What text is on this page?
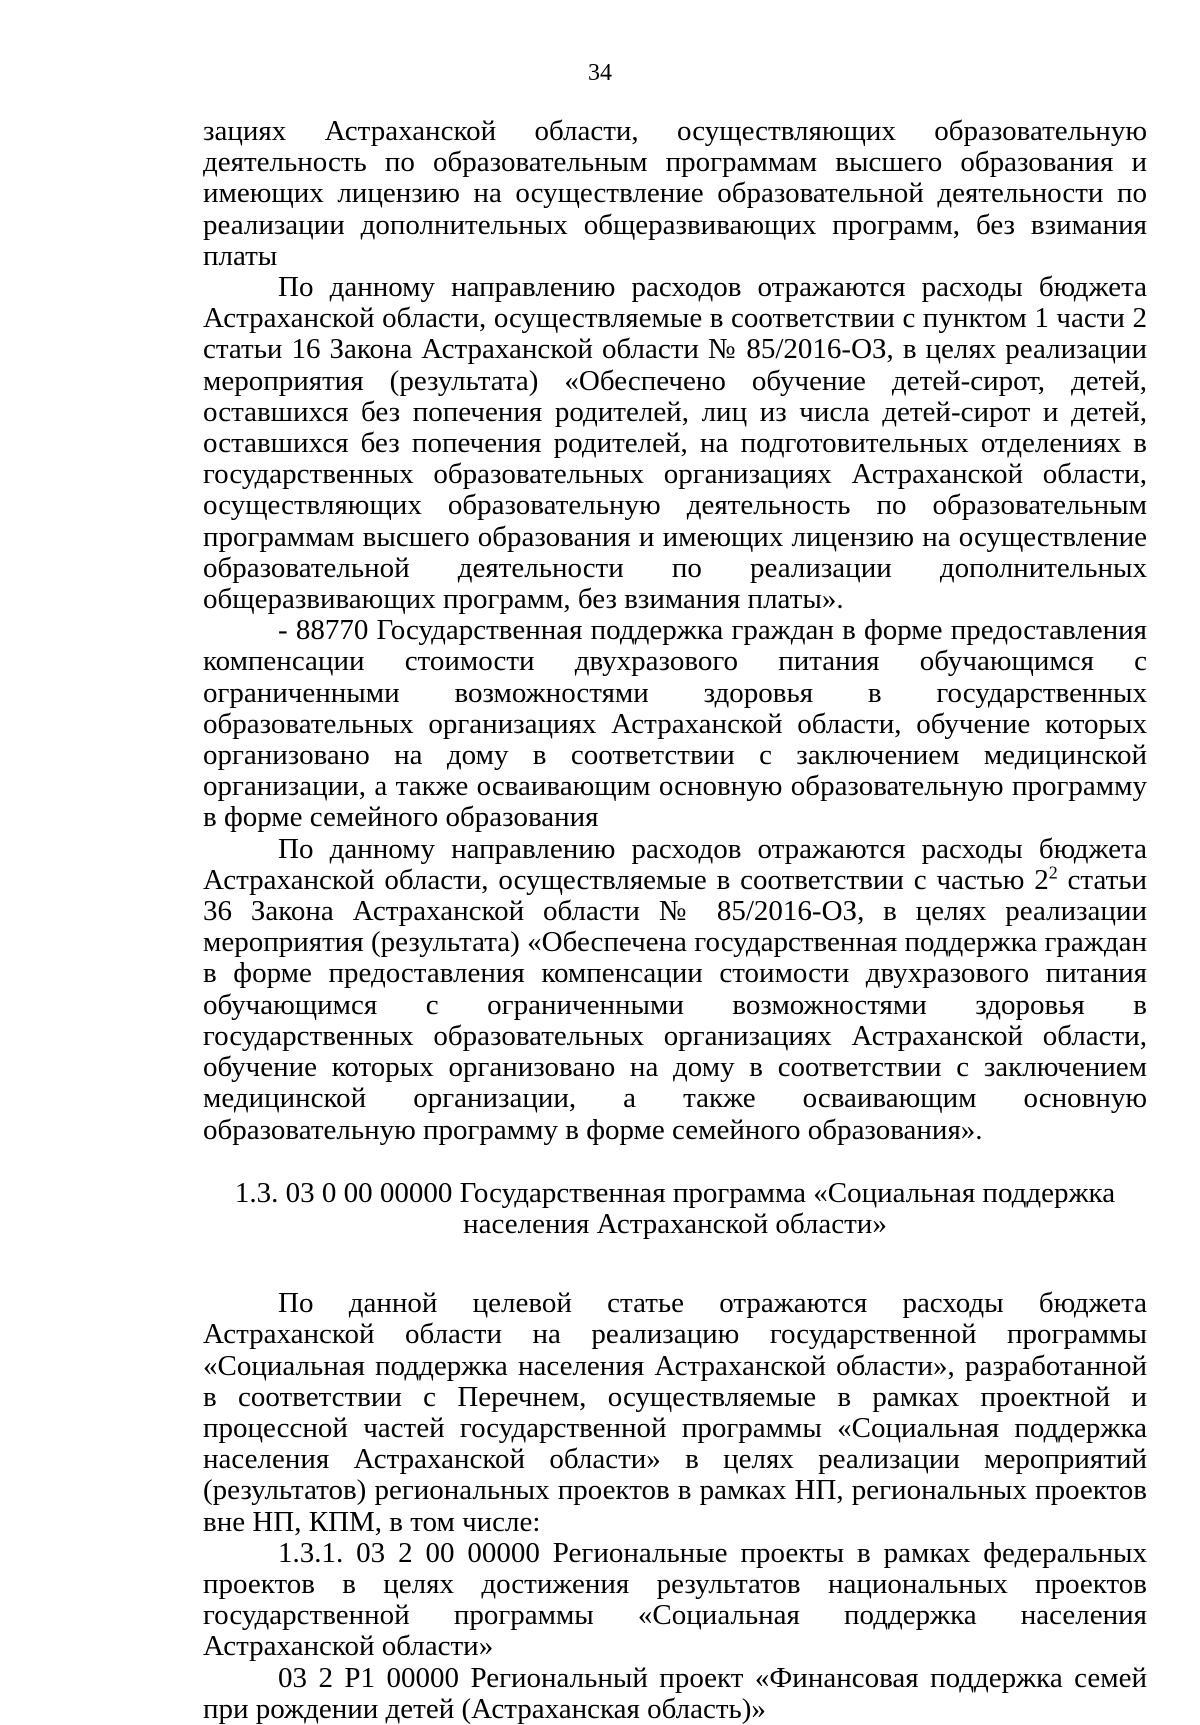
34

зациях Астраханской области, осуществляющих образовательную деятельность по образовательным программам высшего образования и имеющих лицензию на осуществление образовательной деятельности по реализации дополнительных общеразвивающих программ, без взимания платы

По данному направлению расходов отражаются расходы бюджета Астраханской области, осуществляемые в соответствии с пунктом 1 части 2 статьи 16 Закона Астраханской области № 85/2016-ОЗ, в целях реализации мероприятия (результата) «Обеспечено обучение детей-сирот, детей, оставшихся без попечения родителей, лиц из числа детей-сирот и детей, оставшихся без попечения родителей, на подготовительных отделениях в государственных образовательных организациях Астраханской области, осуществляющих образовательную деятельность по образовательным программам высшего образования и имеющих лицензию на осуществление образовательной деятельности по реализации дополнительных общеразвивающих программ, без взимания платы».

- 88770 Государственная поддержка граждан в форме предоставления компенсации стоимости двухразового питания обучающимся с ограниченными возможностями здоровья в государственных образовательных организациях Астраханской области, обучение которых организовано на дому в соответствии с заключением медицинской организации, а также осваивающим основную образовательную программу в форме семейного образования

По данному направлению расходов отражаются расходы бюджета Астраханской области, осуществляемые в соответствии с частью $2^2$ статьи 36 Закона Астраханской области № 85/2016-ОЗ, в целях реализации мероприятия (результата) «Обеспечена государственная поддержка граждан в форме предоставления компенсации стоимости двухразового питания обучающимся с ограниченными возможностями здоровья в государственных образовательных организациях Астраханской области, обучение которых организовано на дому в соответствии с заключением медицинской организации, а также осваивающим основную образовательную программу в форме семейного образования».

1.3. 03 0 00 00000 Государственная программа «Социальная поддержка населения Астраханской области»

По данной целевой статье отражаются расходы бюджета Астраханской области на реализацию государственной программы «Социальная поддержка населения Астраханской области», разработанной в соответствии с Перечнем, осуществляемые в рамках проектной и процессной частей государственной программы «Социальная поддержка населения Астраханской области» в целях реализации мероприятий (результатов) региональных проектов в рамках НП, региональных проектов вне НП, КПМ, в том числе:

1.3.1. 03 2 00 00000 Региональные проекты в рамках федеральных проектов в целях достижения результатов национальных проектов государственной программы «Социальная поддержка населения Астраханской области»

03 2 Р1 00000 Региональный проект «Финансовая поддержка семей при рождении детей (Астраханская область)»
